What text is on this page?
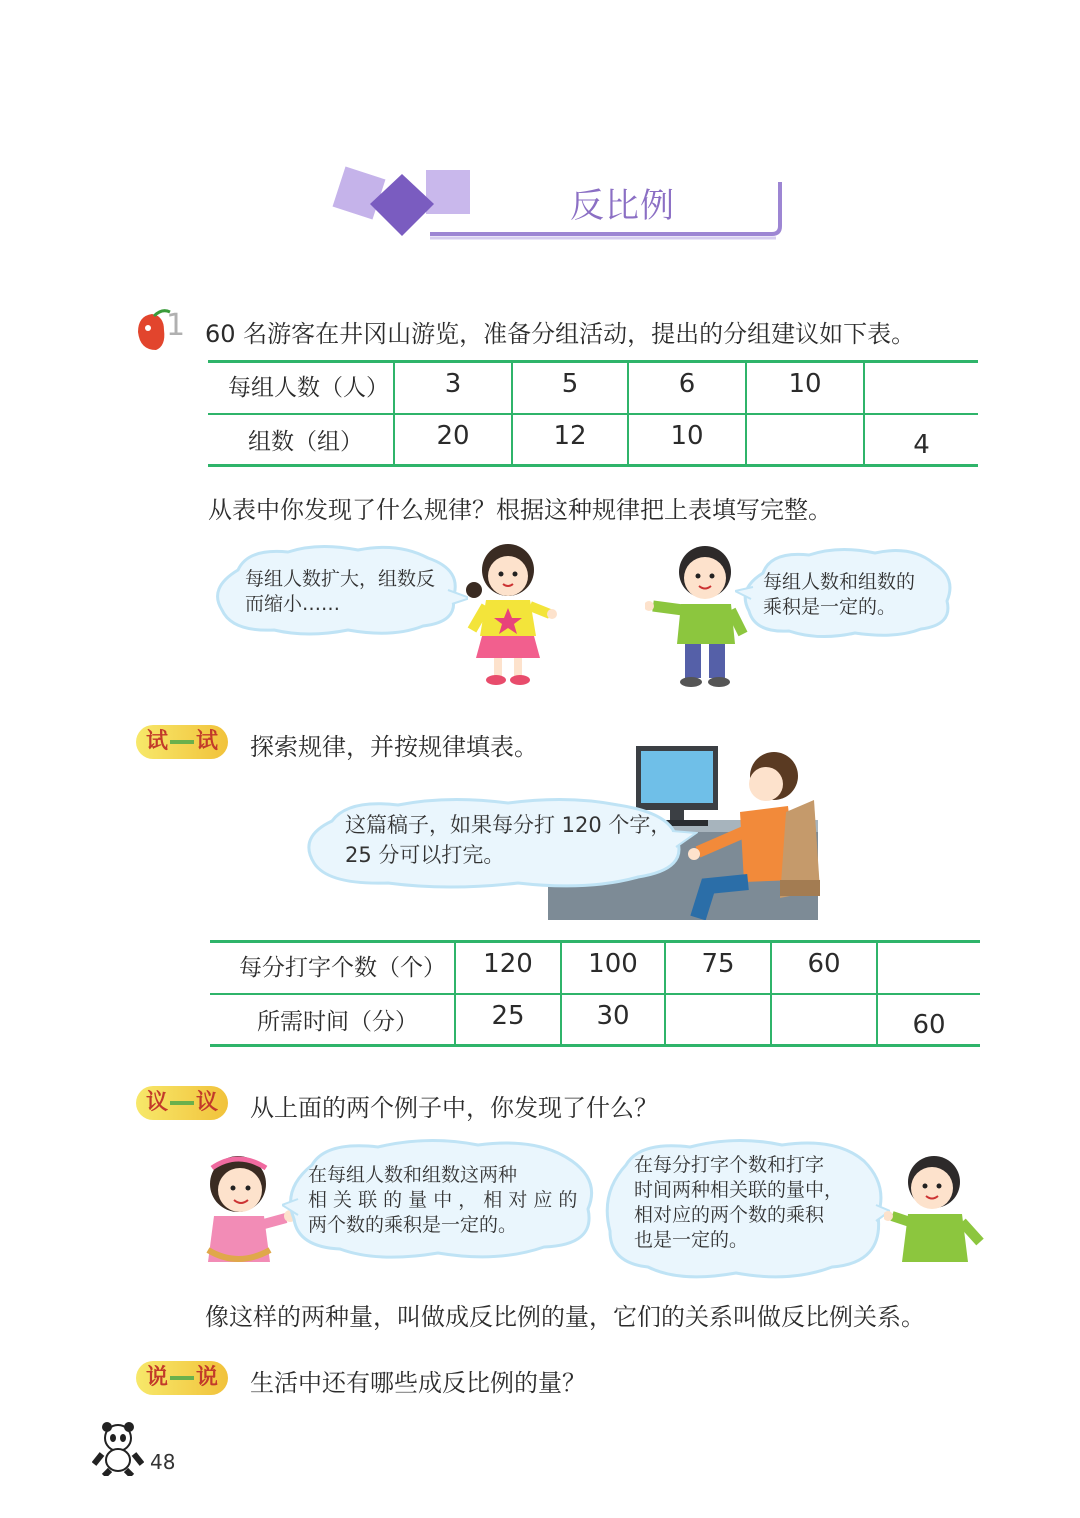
反比例
1 60 名游客在井冈山游览，准备分组活动，提出的分组建议如下表。
每组人数（人）	3	5	6	10	
组数（组）	20	12	10		4
从表中你发现了什么规律？根据这种规律把上表填写完整。
每组人数扩大，组数反
而缩小……
每组人数和组数的
乘积是一定的。
试 试	探索规律，并按规律填表。
这篇稿子，如果每分打 120 个字，
25 分可以打完。
每分打字个数（个）	120	100	75	60	
所需时间（分）	25	30			60
议 议	从上面的两个例子中，你发现了什么？
在每组人数和组数这两种
相 关 联 的 量 中 ， 相 对 应 的
两个数的乘积是一定的。
在每分打字个数和打字
时间两种相关联的量中，
相对应的两个数的乘积
也是一定的。
像这样的两种量，叫做成反比例的量，它们的关系叫做反比例关系。
说 说	生活中还有哪些成反比例的量？
48
